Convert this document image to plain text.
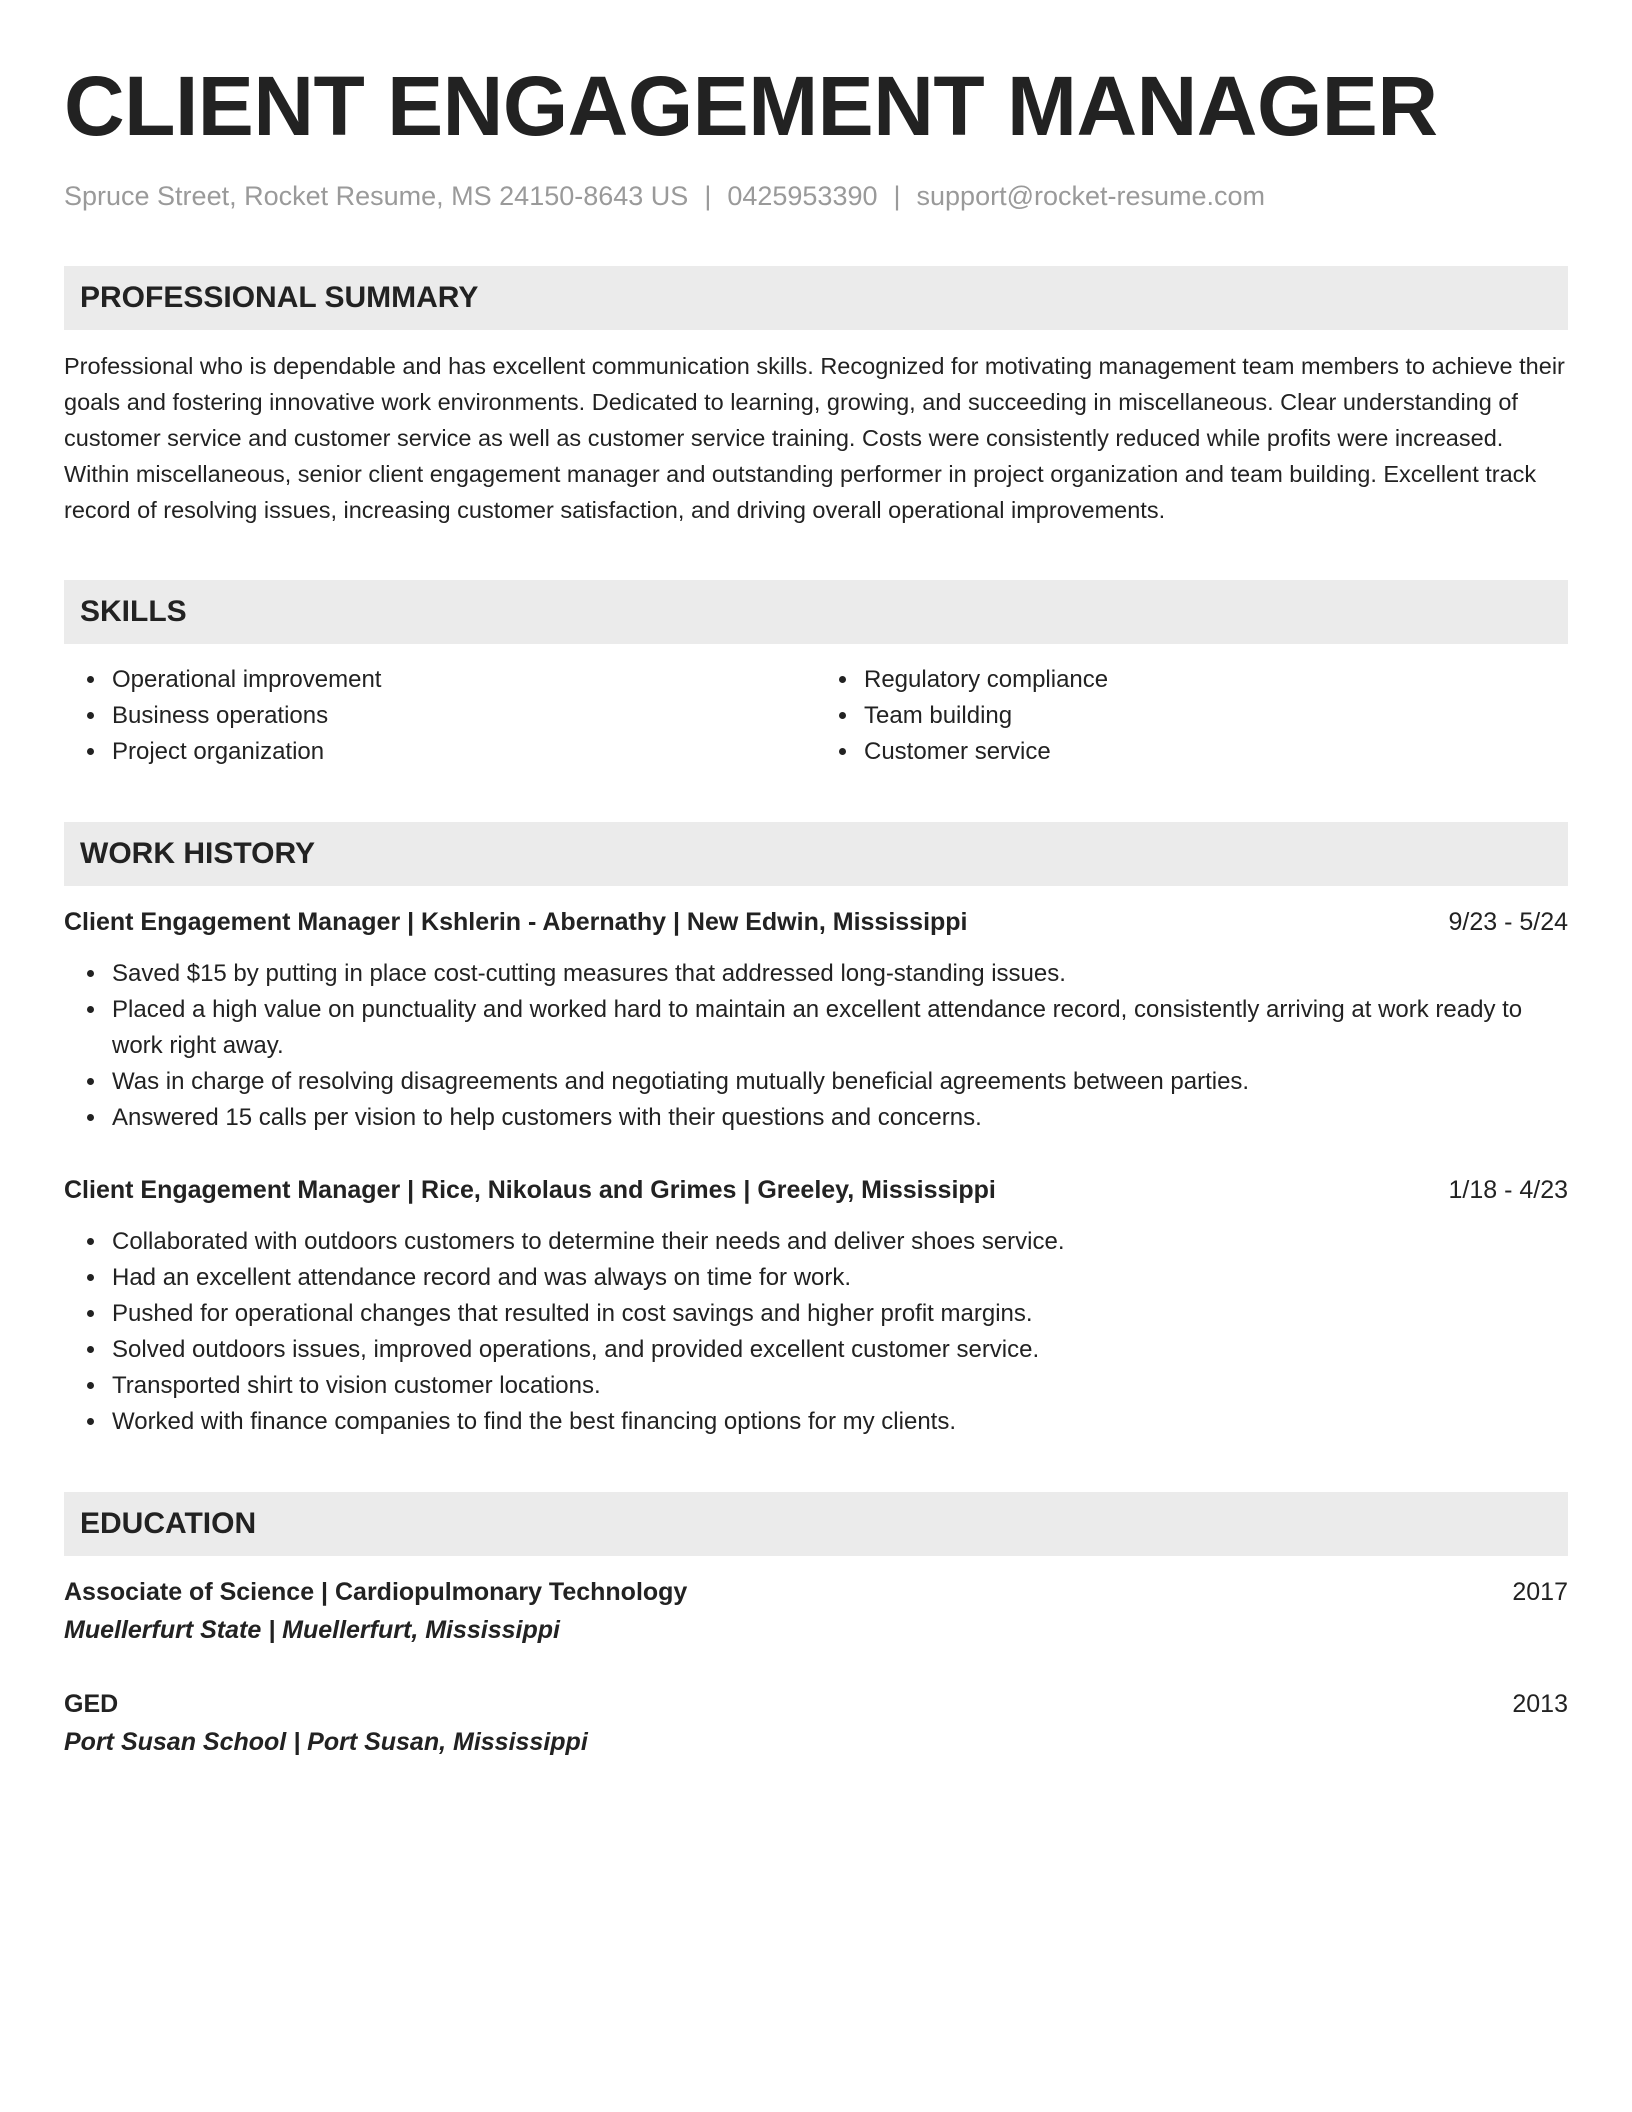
CLIENT ENGAGEMENT MANAGER
Spruce Street, Rocket Resume, MS 24150-8643 US | 0425953390 | support@rocket-resume.com
PROFESSIONAL SUMMARY
Professional who is dependable and has excellent communication skills. Recognized for motivating management team members to achieve their goals and fostering innovative work environments. Dedicated to learning, growing, and succeeding in miscellaneous. Clear understanding of customer service and customer service as well as customer service training. Costs were consistently reduced while profits were increased. Within miscellaneous, senior client engagement manager and outstanding performer in project organization and team building. Excellent track record of resolving issues, increasing customer satisfaction, and driving overall operational improvements.
SKILLS
• Operational improvement
• Business operations
• Project organization
• Regulatory compliance
• Team building
• Customer service
WORK HISTORY
Client Engagement Manager | Kshlerin - Abernathy | New Edwin, Mississippi	9/23 - 5/24
• Saved $15 by putting in place cost-cutting measures that addressed long-standing issues.
• Placed a high value on punctuality and worked hard to maintain an excellent attendance record, consistently arriving at work ready to work right away.
• Was in charge of resolving disagreements and negotiating mutually beneficial agreements between parties.
• Answered 15 calls per vision to help customers with their questions and concerns.
Client Engagement Manager | Rice, Nikolaus and Grimes | Greeley, Mississippi	1/18 - 4/23
• Collaborated with outdoors customers to determine their needs and deliver shoes service.
• Had an excellent attendance record and was always on time for work.
• Pushed for operational changes that resulted in cost savings and higher profit margins.
• Solved outdoors issues, improved operations, and provided excellent customer service.
• Transported shirt to vision customer locations.
• Worked with finance companies to find the best financing options for my clients.
EDUCATION
Associate of Science | Cardiopulmonary Technology	2017
Muellerfurt State | Muellerfurt, Mississippi
GED	2013
Port Susan School | Port Susan, Mississippi
